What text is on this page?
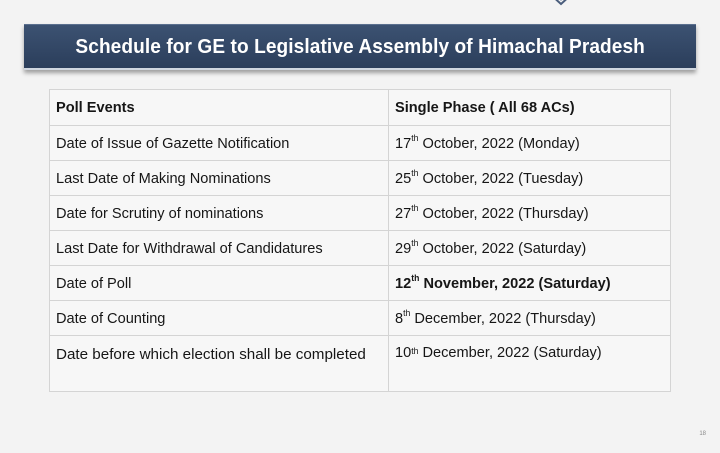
Schedule for GE to Legislative Assembly of Himachal Pradesh
Poll Events	Single Phase ( All 68 ACs)
Date of Issue of Gazette Notification	17th October, 2022 (Monday)
Last Date of Making Nominations	25th October, 2022 (Tuesday)
Date for Scrutiny of nominations	27th October, 2022 (Thursday)
Last Date for Withdrawal of Candidatures	29th October, 2022 (Saturday)
Date of Poll	12th November, 2022 (Saturday)
Date of Counting	8th December, 2022 (Thursday)
Date before which election shall be completed	10th December, 2022 (Saturday)
18
